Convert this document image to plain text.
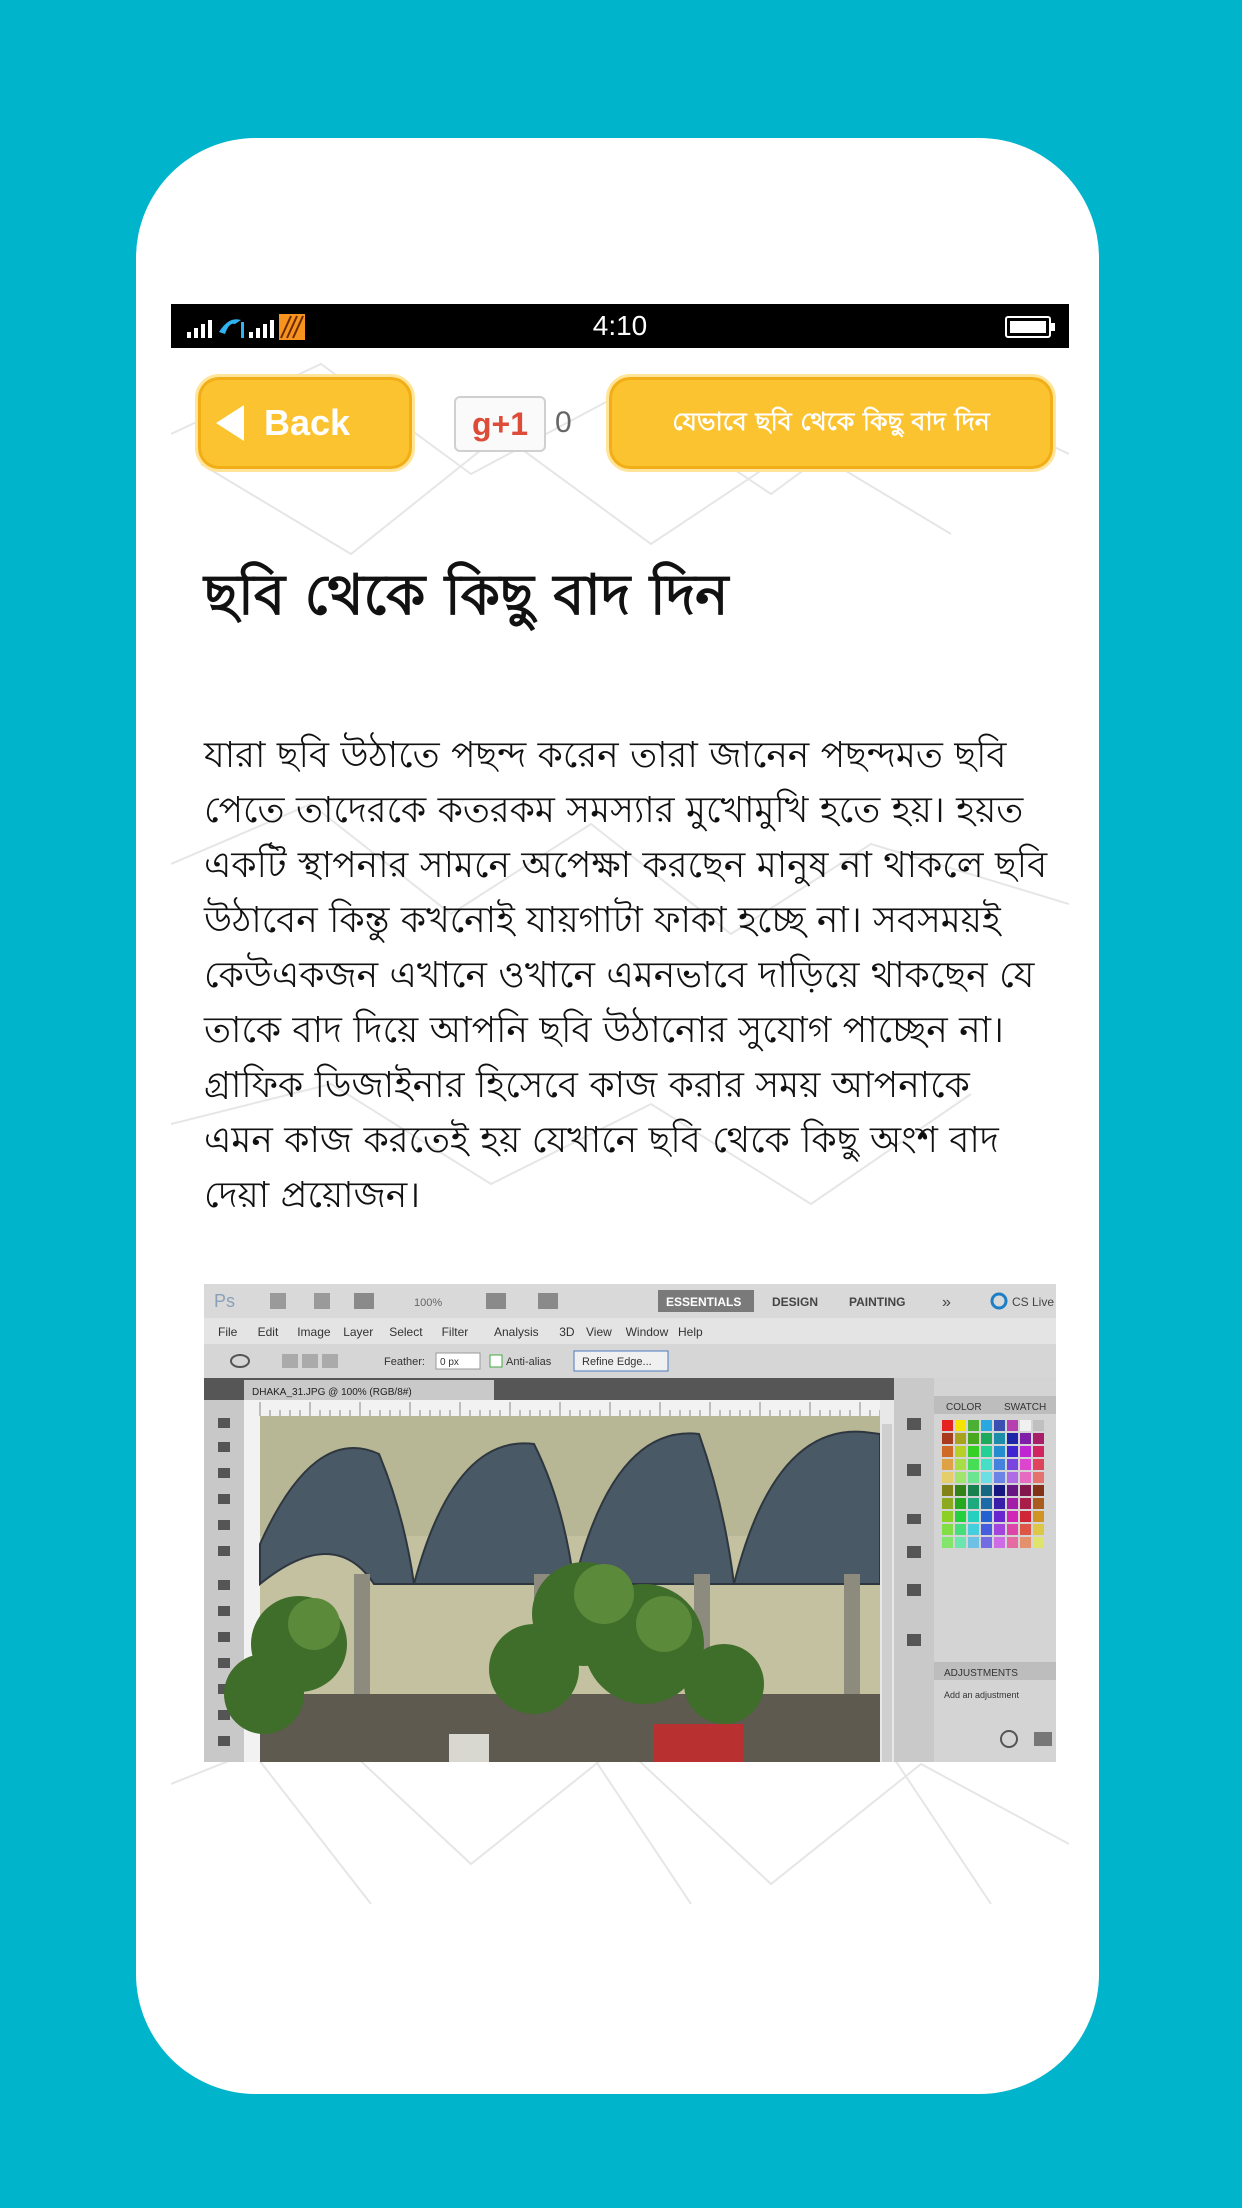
4:10
Back	g+1 0	যেভাবে ছবি থেকে কিছু বাদ দিন
ছবি থেকে কিছু বাদ দিন

যারা ছবি উঠাতে পছন্দ করেন তারা জানেন পছন্দমত ছবি পেতে তাদেরকে কতরকম সমস্যার মুখোমুখি হতে হয়। হয়ত একটি স্থাপনার সামনে অপেক্ষা করছেন মানুষ না থাকলে ছবি উঠাবেন কিন্তু কখনোই যায়গাটা ফাকা হচ্ছে না। সবসময়ই কেউএকজন এখানে ওখানে এমনভাবে দাড়িয়ে থাকছেন যে তাকে বাদ দিয়ে আপনি ছবি উঠানোর সুযোগ পাচ্ছেন না। গ্রাফিক ডিজাইনার হিসেবে কাজ করার সময় আপনাকে এমন কাজ করতেই হয় যেখানে ছবি থেকে কিছু অংশ বাদ দেয়া প্রয়োজন।

Ps	100%	ESSENTIALS	DESIGN	PAINTING »	CS Live
File Edit Image Layer Select Filter Analysis 3D View Window Help
Feather: 0 px	Anti-alias	Refine Edge...
DHAKA_31.JPG @ 100% (RGB/8#)
COLOR SWATCH
ADJUSTMENTS
Add an adjustment
